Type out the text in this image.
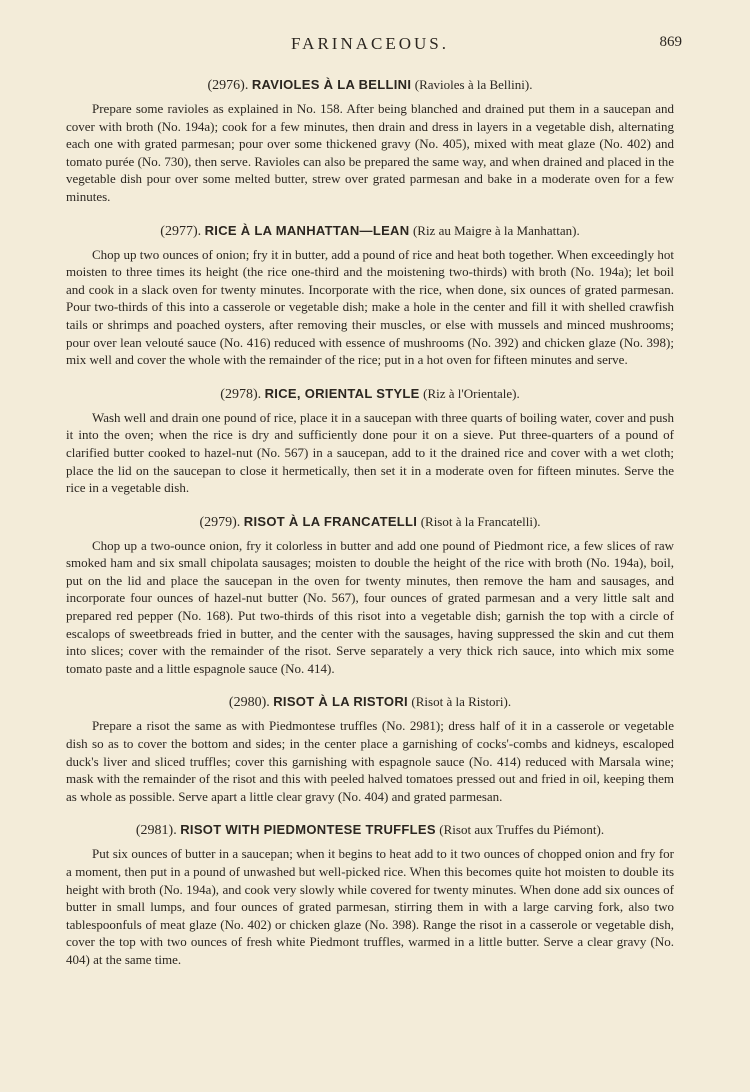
FARINACEOUS.	869
(2976). RAVIOLES À LA BELLINI (Ravioles à la Bellini).

Prepare some ravioles as explained in No. 158. After being blanched and drained put them in a saucepan and cover with broth (No. 194a); cook for a few minutes, then drain and dress in layers in a vegetable dish, alternating each one with grated parmesan; pour over some thickened gravy (No. 405), mixed with meat glaze (No. 402) and tomato purée (No. 730), then serve. Ravioles can also be prepared the same way, and when drained and placed in the vegetable dish pour over some melted butter, strew over grated parmesan and bake in a moderate oven for a few minutes.

(2977). RICE À LA MANHATTAN—LEAN (Riz au Maigre à la Manhattan).

Chop up two ounces of onion; fry it in butter, add a pound of rice and heat both together. When exceedingly hot moisten to three times its height (the rice one-third and the moistening two-thirds) with broth (No. 194a); let boil and cook in a slack oven for twenty minutes. Incorporate with the rice, when done, six ounces of grated parmesan. Pour two-thirds of this into a casserole or vegetable dish; make a hole in the center and fill it with shelled crawfish tails or shrimps and poached oysters, after removing their muscles, or else with mussels and minced mushrooms; pour over lean velouté sauce (No. 416) reduced with essence of mushrooms (No. 392) and chicken glaze (No. 398); mix well and cover the whole with the remainder of the rice; put in a hot oven for fifteen minutes and serve.

(2978). RICE, ORIENTAL STYLE (Riz à l'Orientale).

Wash well and drain one pound of rice, place it in a saucepan with three quarts of boiling water, cover and push it into the oven; when the rice is dry and sufficiently done pour it on a sieve. Put three-quarters of a pound of clarified butter cooked to hazel-nut (No. 567) in a saucepan, add to it the drained rice and cover with a wet cloth; place the lid on the saucepan to close it hermetically, then set it in a moderate oven for fifteen minutes. Serve the rice in a vegetable dish.

(2979). RISOT À LA FRANCATELLI (Risot à la Francatelli).

Chop up a two-ounce onion, fry it colorless in butter and add one pound of Piedmont rice, a few slices of raw smoked ham and six small chipolata sausages; moisten to double the height of the rice with broth (No. 194a), boil, put on the lid and place the saucepan in the oven for twenty minutes, then remove the ham and sausages, and incorporate four ounces of hazel-nut butter (No. 567), four ounces of grated parmesan and a very little salt and prepared red pepper (No. 168). Put two-thirds of this risot into a vegetable dish; garnish the top with a circle of escalops of sweetbreads fried in butter, and the center with the sausages, having suppressed the skin and cut them into slices; cover with the remainder of the risot. Serve separately a very thick rich sauce, into which mix some tomato paste and a little espagnole sauce (No. 414).

(2980). RISOT À LA RISTORI (Risot à la Ristori).

Prepare a risot the same as with Piedmontese truffles (No. 2981); dress half of it in a casserole or vegetable dish so as to cover the bottom and sides; in the center place a garnishing of cocks'-combs and kidneys, escaloped duck's liver and sliced truffles; cover this garnishing with espagnole sauce (No. 414) reduced with Marsala wine; mask with the remainder of the risot and this with peeled halved tomatoes pressed out and fried in oil, keeping them as whole as possible. Serve apart a little clear gravy (No. 404) and grated parmesan.

(2981). RISOT WITH PIEDMONTESE TRUFFLES (Risot aux Truffes du Piémont).

Put six ounces of butter in a saucepan; when it begins to heat add to it two ounces of chopped onion and fry for a moment, then put in a pound of unwashed but well-picked rice. When this becomes quite hot moisten to double its height with broth (No. 194a), and cook very slowly while covered for twenty minutes. When done add six ounces of butter in small lumps, and four ounces of grated parmesan, stirring them in with a large carving fork, also two tablespoonfuls of meat glaze (No. 402) or chicken glaze (No. 398). Range the risot in a casserole or vegetable dish, cover the top with two ounces of fresh white Piedmont truffles, warmed in a little butter. Serve a clear gravy (No. 404) at the same time.
